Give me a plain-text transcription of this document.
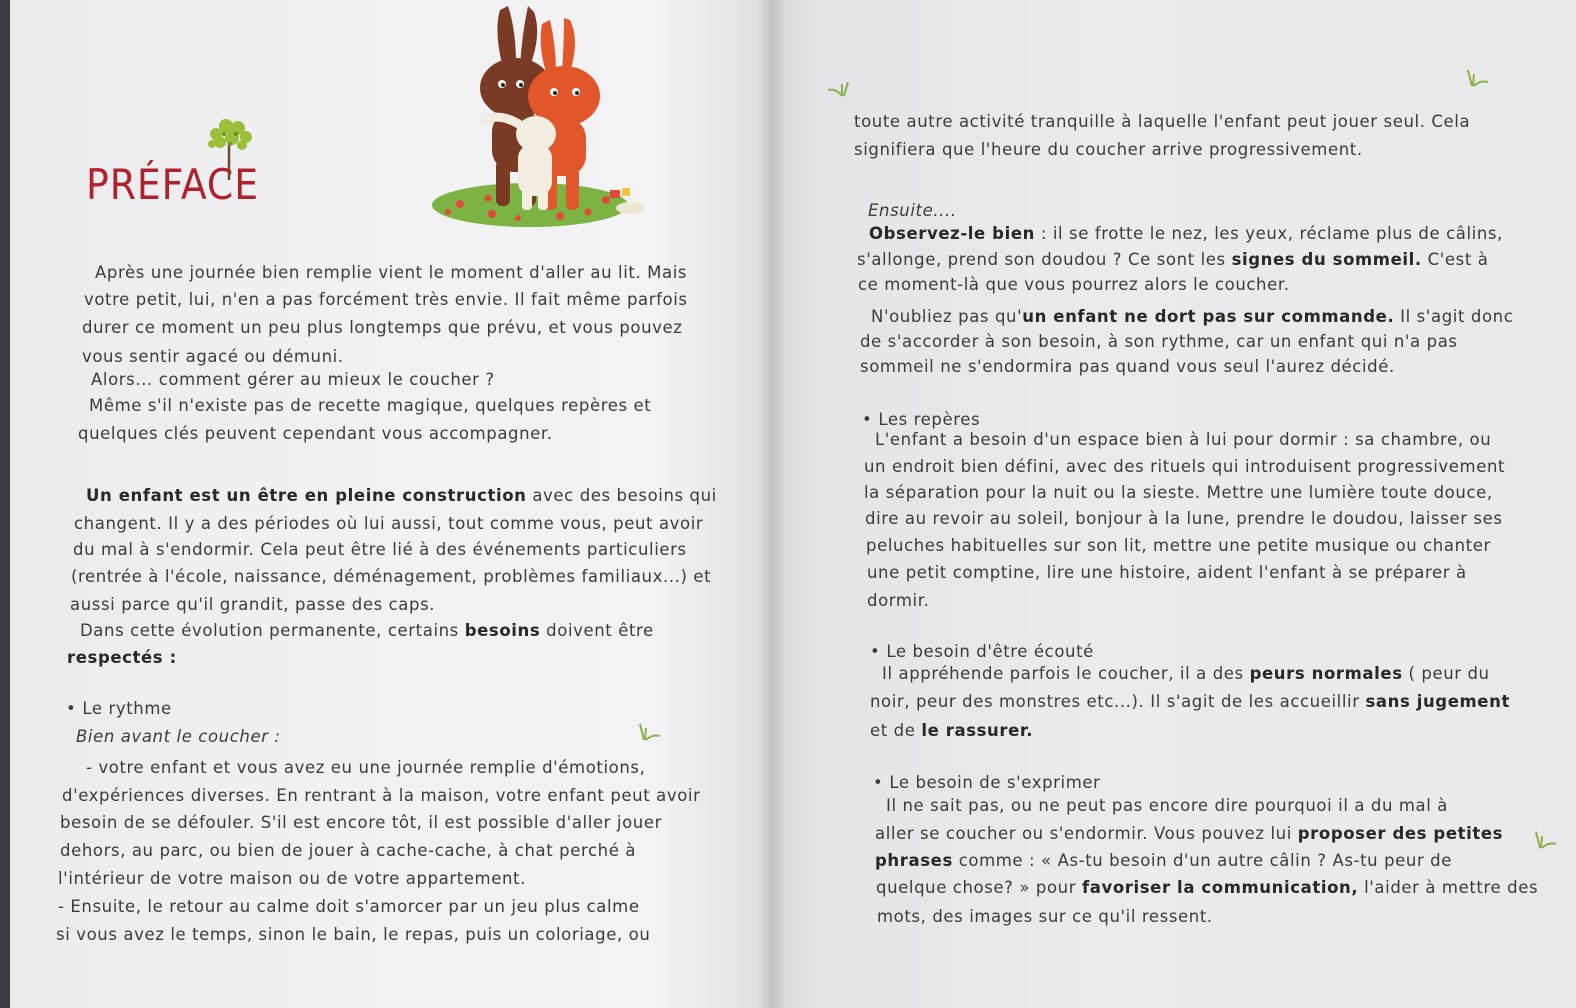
PRÉFACE
Après une journée bien remplie vient le moment d'aller au lit. Mais
votre petit, lui, n'en a pas forcément très envie. Il fait même parfois
durer ce moment un peu plus longtemps que prévu, et vous pouvez
vous sentir agacé ou démuni.
Alors... comment gérer au mieux le coucher ?
Même s'il n'existe pas de recette magique, quelques repères et
quelques clés peuvent cependant vous accompagner.
Un enfant est un être en pleine construction avec des besoins qui
changent. Il y a des périodes où lui aussi, tout comme vous, peut avoir
du mal à s'endormir. Cela peut être lié à des événements particuliers
(rentrée à l'école, naissance, déménagement, problèmes familiaux...) et
aussi parce qu'il grandit, passe des caps.
Dans cette évolution permanente, certains besoins doivent être
respectés :
• Le rythme
Bien avant le coucher :
- votre enfant et vous avez eu une journée remplie d'émotions,
d'expériences diverses. En rentrant à la maison, votre enfant peut avoir
besoin de se défouler. S'il est encore tôt, il est possible d'aller jouer
dehors, au parc, ou bien de jouer à cache-cache, à chat perché à
l'intérieur de votre maison ou de votre appartement.
- Ensuite, le retour au calme doit s'amorcer par un jeu plus calme
si vous avez le temps, sinon le bain, le repas, puis un coloriage, ou
toute autre activité tranquille à laquelle l'enfant peut jouer seul. Cela
signifiera que l'heure du coucher arrive progressivement.
Ensuite....
Observez-le bien : il se frotte le nez, les yeux, réclame plus de câlins,
s'allonge, prend son doudou ? Ce sont les signes du sommeil. C'est à
ce moment-là que vous pourrez alors le coucher.
N'oubliez pas qu'un enfant ne dort pas sur commande. Il s'agit donc
de s'accorder à son besoin, à son rythme, car un enfant qui n'a pas
sommeil ne s'endormira pas quand vous seul l'aurez décidé.
• Les repères
L'enfant a besoin d'un espace bien à lui pour dormir : sa chambre, ou
un endroit bien défini, avec des rituels qui introduisent progressivement
la séparation pour la nuit ou la sieste. Mettre une lumière toute douce,
dire au revoir au soleil, bonjour à la lune, prendre le doudou, laisser ses
peluches habituelles sur son lit, mettre une petite musique ou chanter
une petit comptine, lire une histoire, aident l'enfant à se préparer à
dormir.
• Le besoin d'être écouté
Il appréhende parfois le coucher, il a des peurs normales ( peur du
noir, peur des monstres etc...). Il s'agit de les accueillir sans jugement
et de le rassurer.
• Le besoin de s'exprimer
Il ne sait pas, ou ne peut pas encore dire pourquoi il a du mal à
aller se coucher ou s'endormir. Vous pouvez lui proposer des petites
phrases comme : « As-tu besoin d'un autre câlin ? As-tu peur de
quelque chose? » pour favoriser la communication, l'aider à mettre des
mots, des images sur ce qu'il ressent.
